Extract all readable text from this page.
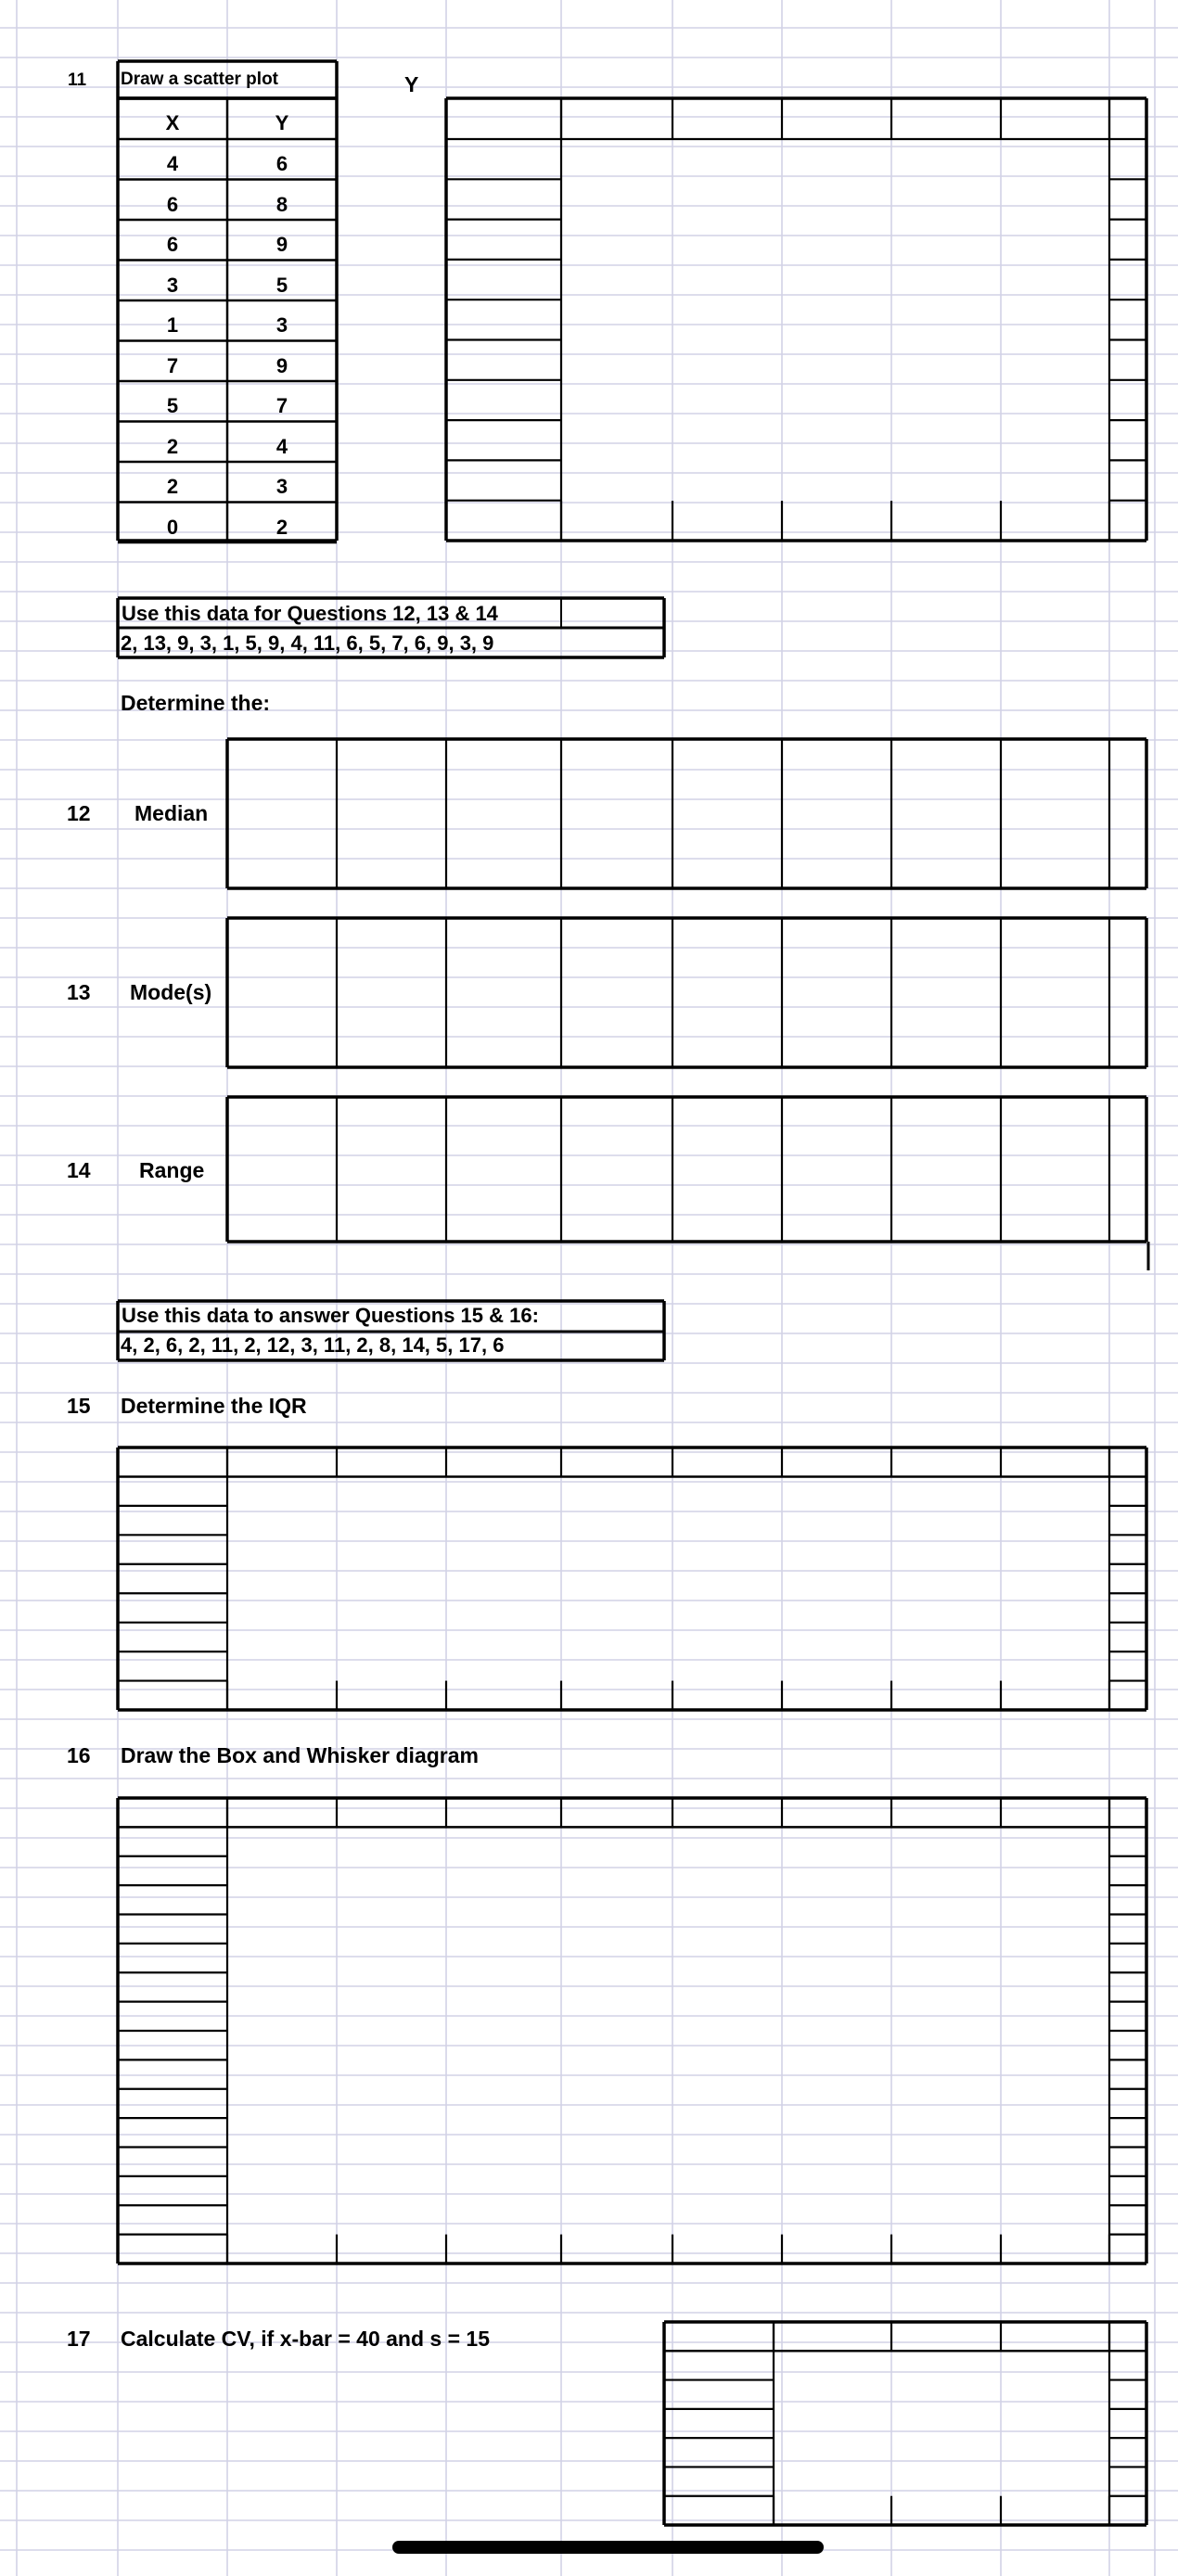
11 Draw a scatter plot	Y
X	Y
4	6
6	8
6	9
3	5
1	3
7	9
5	7
2	4
2	3
0	2
Use this data for Questions 12, 13 & 14
2, 13, 9, 3, 1, 5, 9, 4, 11, 6, 5, 7, 6, 9, 3, 9
Determine the:
12 Median
13 Mode(s)
14 Range
Use this data to answer Questions 15 & 16:
4, 2, 6, 2, 11, 2, 12, 3, 11, 2, 8, 14, 5, 17, 6
15 Determine the IQR
16 Draw the Box and Whisker diagram
17 Calculate CV, if x-bar = 40 and s = 15
